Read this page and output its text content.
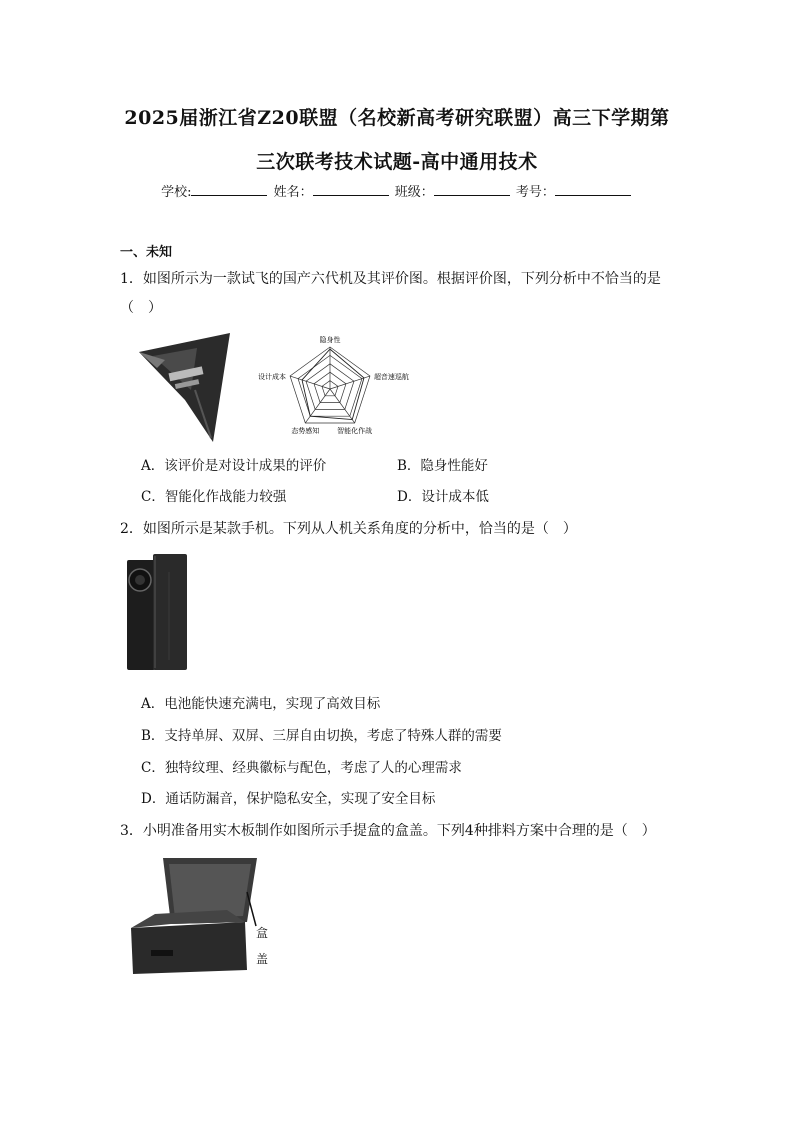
2025届浙江省Z20联盟（名校新高考研究联盟）高三下学期第
三次联考技术试题-高中通用技术
学校:	姓名：	班级：	考号：
一、未知
1．如图所示为一款试飞的国产六代机及其评价图。根据评价图，下列分析中不恰当的是
（　）
隐身性
超音速巡航
智能化作战
态势感知
设计成本
A．该评价是对设计成果的评价	B．隐身性能好
C．智能化作战能力较强	D．设计成本低
2．如图所示是某款手机。下列从人机关系角度的分析中，恰当的是（　）
A．电池能快速充满电，实现了高效目标
B．支持单屏、双屏、三屏自由切换，考虑了特殊人群的需要
C．独特纹理、经典徽标与配色，考虑了人的心理需求
D．通话防漏音，保护隐私安全，实现了安全目标
3．小明准备用实木板制作如图所示手提盒的盒盖。下列4种排料方案中合理的是（　）
盒
盖
